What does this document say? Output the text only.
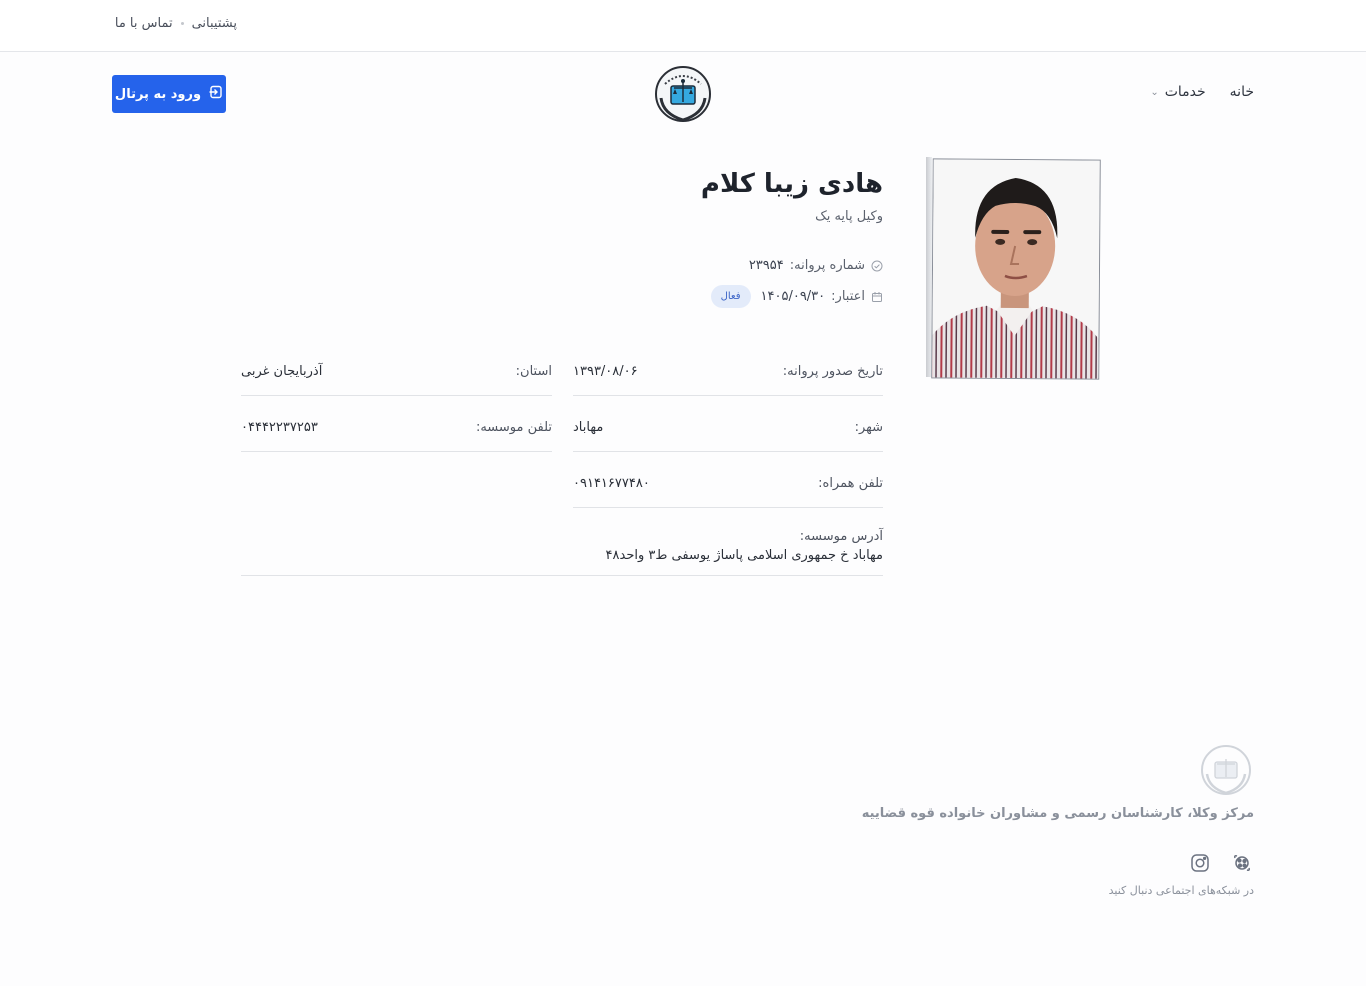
پشتیبانی
تماس با ما
خانه
خدمات
⌄
ورود به پرتال
هادی زیبا کلام
وکیل پایه یک
شماره پروانه:
۲۳۹۵۴
اعتبار:
۱۴۰۵/۰۹/۳۰
فعال
تاریخ صدور پروانه:
۱۳۹۳/۰۸/۰۶
استان:
آذربایجان غربی
شهر:
مهاباد
تلفن موسسه:
۰۴۴۴۲۲۳۷۲۵۳
تلفن همراه:
۰۹۱۴۱۶۷۷۴۸۰
آدرس موسسه:
مهاباد خ جمهوری اسلامی پاساژ یوسفی ط۳ واحد۴۸
مرکز وکلا، کارشناسان رسمی و مشاوران خانواده قوه قضاییه
در شبکه‌های اجتماعی دنبال کنید
